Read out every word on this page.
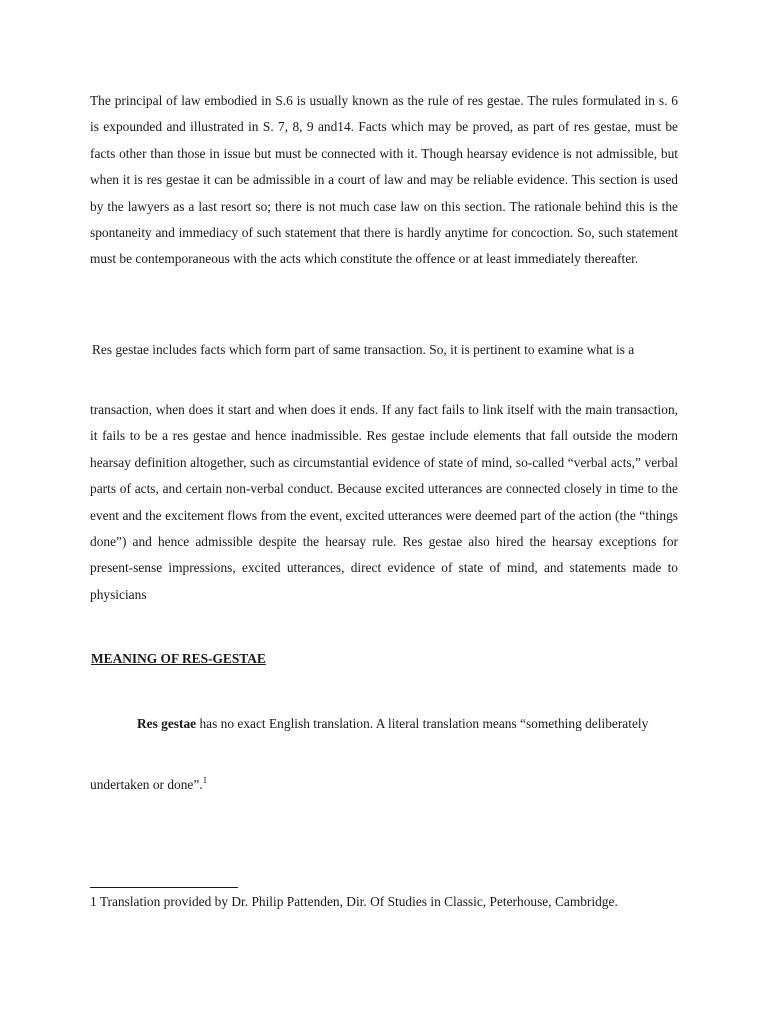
The principal of law embodied in S.6 is usually known as the rule of res gestae. The rules formulated in s. 6 is expounded and illustrated in S. 7, 8, 9 and14. Facts which may be proved, as part of res gestae, must be facts other than those in issue but must be connected with it. Though hearsay evidence is not admissible, but when it is res gestae it can be admissible in a court of law and may be reliable evidence. This section is used by the lawyers as a last resort so; there is not much case law on this section. The rationale behind this is the spontaneity and immediacy of such statement that there is hardly anytime for concoction. So, such statement must be contemporaneous with the acts which constitute the offence or at least immediately thereafter.

Res gestae includes facts which form part of same transaction. So, it is pertinent to examine what is a

transaction, when does it start and when does it ends. If any fact fails to link itself with the main transaction, it fails to be a res gestae and hence inadmissible. Res gestae include elements that fall outside the modern hearsay definition altogether, such as circumstantial evidence of state of mind, so-called “verbal acts,” verbal parts of acts, and certain non-verbal conduct. Because excited utterances are connected closely in time to the event and the excitement flows from the event, excited utterances were deemed part of the action (the “things done”) and hence admissible despite the hearsay rule. Res gestae also hired the hearsay exceptions for present-sense impressions, excited utterances, direct evidence of state of mind, and statements made to physicians

MEANING OF RES-GESTAE

Res gestae has no exact English translation. A literal translation means “something deliberately

undertaken or done”.$^1$

1 Translation provided by Dr. Philip Pattenden, Dir. Of Studies in Classic, Peterhouse, Cambridge.
